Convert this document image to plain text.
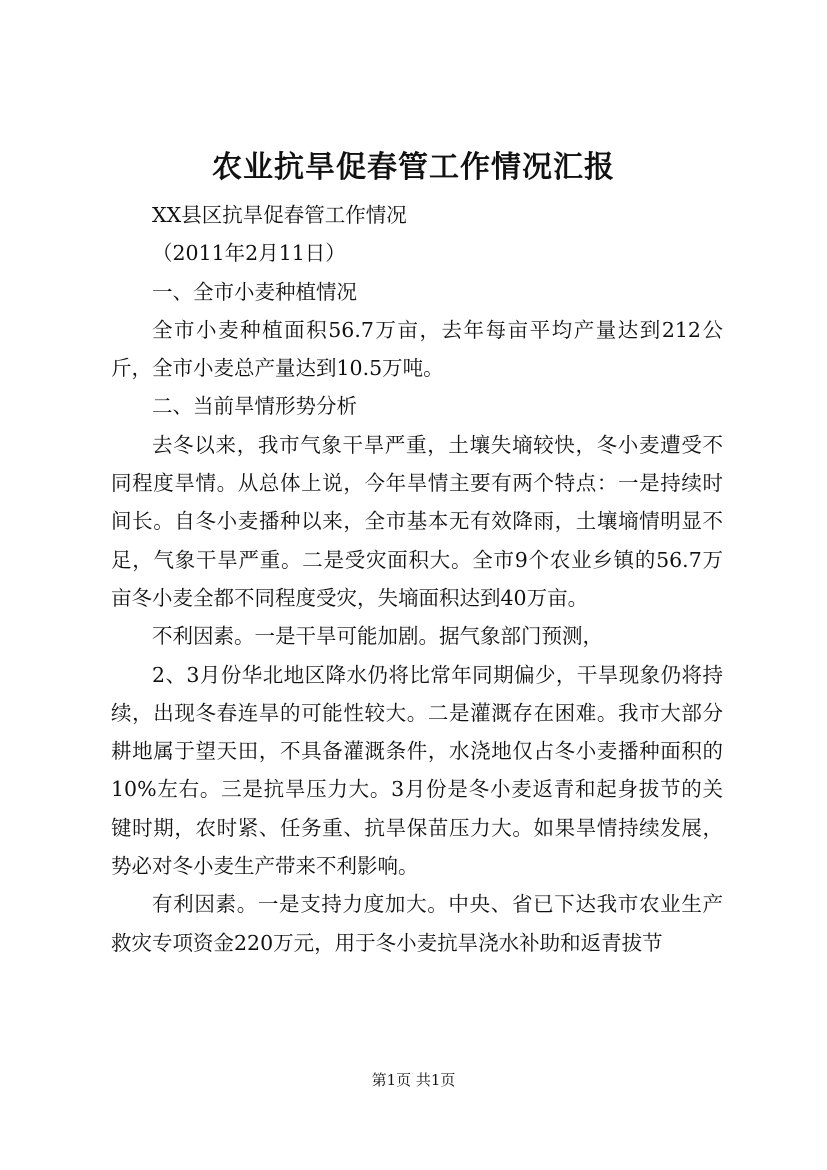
农业抗旱促春管工作情况汇报

XX县区抗旱促春管工作情况

（2011年2月11日）

一、全市小麦种植情况

全市小麦种植面积56.7万亩，去年每亩平均产量达到212公斤，全市小麦总产量达到10.5万吨。

二、当前旱情形势分析

去冬以来，我市气象干旱严重，土壤失墒较快，冬小麦遭受不同程度旱情。从总体上说，今年旱情主要有两个特点：一是持续时间长。自冬小麦播种以来，全市基本无有效降雨，土壤墒情明显不足，气象干旱严重。二是受灾面积大。全市9个农业乡镇的56.7万亩冬小麦全都不同程度受灾，失墒面积达到40万亩。

不利因素。一是干旱可能加剧。据气象部门预测，

2、3月份华北地区降水仍将比常年同期偏少，干旱现象仍将持续，出现冬春连旱的可能性较大。二是灌溉存在困难。我市大部分耕地属于望天田，不具备灌溉条件，水浇地仅占冬小麦播种面积的10%左右。三是抗旱压力大。3月份是冬小麦返青和起身拔节的关键时期，农时紧、任务重、抗旱保苗压力大。如果旱情持续发展，势必对冬小麦生产带来不利影响。

有利因素。一是支持力度加大。中央、省已下达我市农业生产救灾专项资金220万元，用于冬小麦抗旱浇水补助和返青拔节

第1页 共1页
